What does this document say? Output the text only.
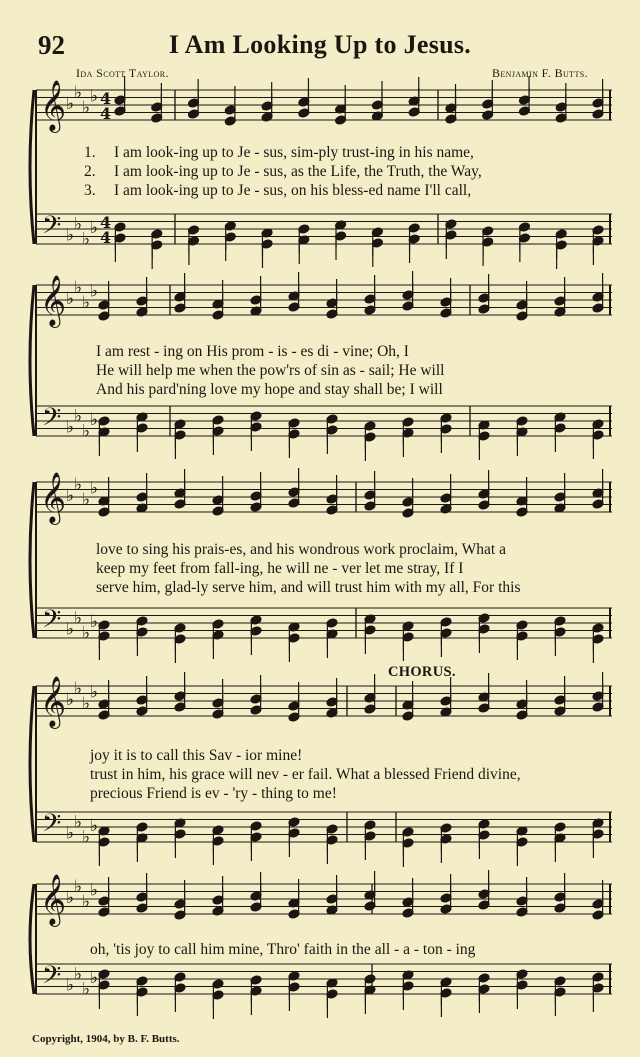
92	I Am Looking Up to Jesus.
Ida Scott Taylor.	Benjamin F. Butts.
𝄞
𝄢
♭
♭
♭
♭
♭
♭
♭
♭
4
4
4
4
𝄞
𝄢
♭
♭
♭
♭
♭
♭
♭
♭
𝄞
𝄢
♭
♭
♭
♭
♭
♭
♭
♭
𝄞
𝄢
♭
♭
♭
♭
♭
♭
♭
♭
𝄞
𝄢
♭
♭
♭
♭
♭
♭
♭
♭
1. I am look-ing up to Je - sus, sim-ply trust-ing in his name,
2. I am look-ing up to Je - sus, as the Life, the Truth, the Way,
3. I am look-ing up to Je - sus, on his bless-ed name I'll call,
I am rest - ing on His prom - is - es di - vine; Oh, I
He will help me when the pow'rs of sin as - sail; He will
And his pard'ning love my hope and stay shall be; I will
love to sing his prais-es, and his wondrous work proclaim, What a
keep my feet from fall-ing, he will ne - ver let me stray, If I
serve him, glad-ly serve him, and will trust him with my all, For this
CHORUS.
joy it is to call this Sav - ior mine!
trust in him, his grace will nev - er fail. What a blessed Friend divine,
precious Friend is ev - 'ry - thing to me!
oh, 'tis joy to call him mine, Thro' faith in the all - a - ton - ing
Copyright, 1904, by B. F. Butts.
